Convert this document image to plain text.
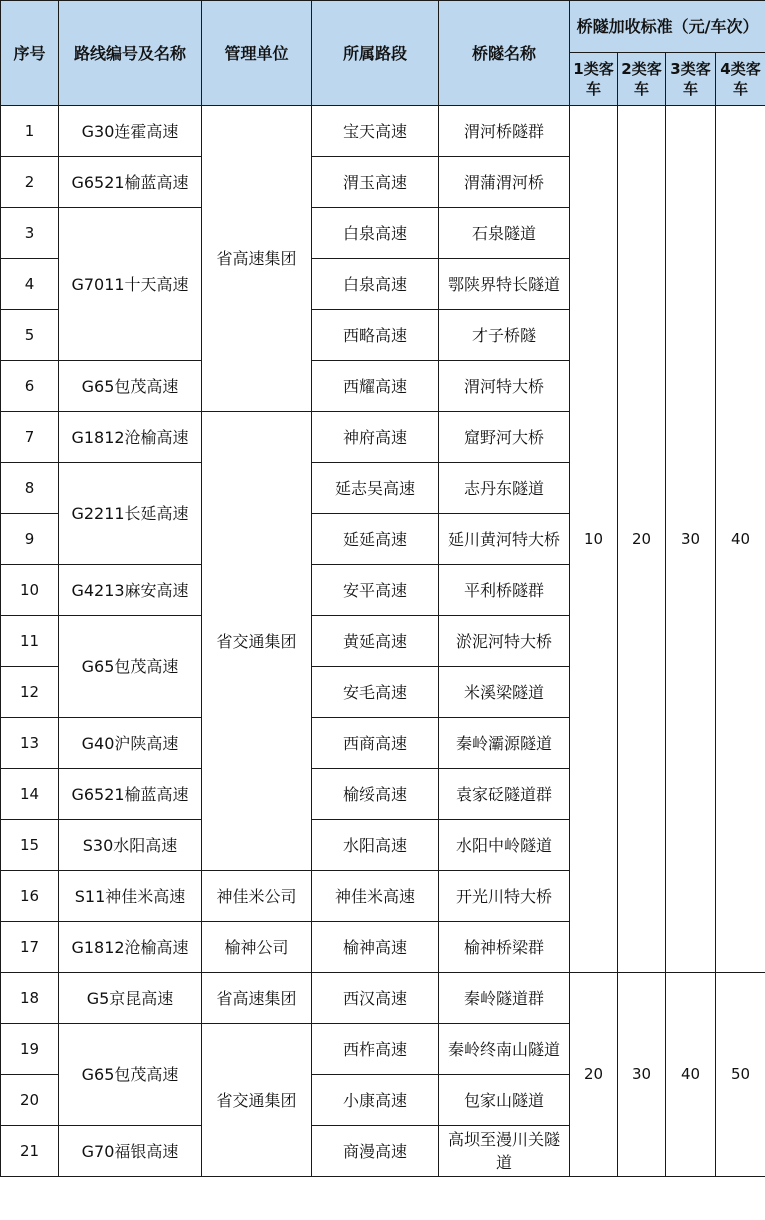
序号	路线编号及名称	管理单位	所属路段	桥隧名称	桥隧加收标准（元/车次）			
					1类客车	2类客车	3类客车	4类客车
1	G30连霍高速	省高速集团	宝天高速	渭河桥隧群	10	20	30	40
2	G6521榆蓝高速		渭玉高速	渭蒲渭河桥				
3	G7011十天高速		白泉高速	石泉隧道				
4			白泉高速	鄂陕界特长隧道				
5			西略高速	才子桥隧				
6	G65包茂高速		西耀高速	渭河特大桥				
7	G1812沧榆高速	省交通集团	神府高速	窟野河大桥				
8	G2211长延高速		延志吴高速	志丹东隧道				
9			延延高速	延川黄河特大桥				
10	G4213麻安高速		安平高速	平利桥隧群				
11	G65包茂高速		黄延高速	淤泥河特大桥				
12			安毛高速	米溪梁隧道				
13	G40沪陕高速		西商高速	秦岭灞源隧道				
14	G6521榆蓝高速		榆绥高速	袁家砭隧道群				
15	S30水阳高速		水阳高速	水阳中岭隧道				
16	S11神佳米高速	神佳米公司	神佳米高速	开光川特大桥				
17	G1812沧榆高速	榆神公司	榆神高速	榆神桥梁群				
18	G5京昆高速	省高速集团	西汉高速	秦岭隧道群	20	30	40	50
19	G65包茂高速	省交通集团	西柞高速	秦岭终南山隧道				
20			小康高速	包家山隧道				
21	G70福银高速		商漫高速	高坝至漫川关隧道				
